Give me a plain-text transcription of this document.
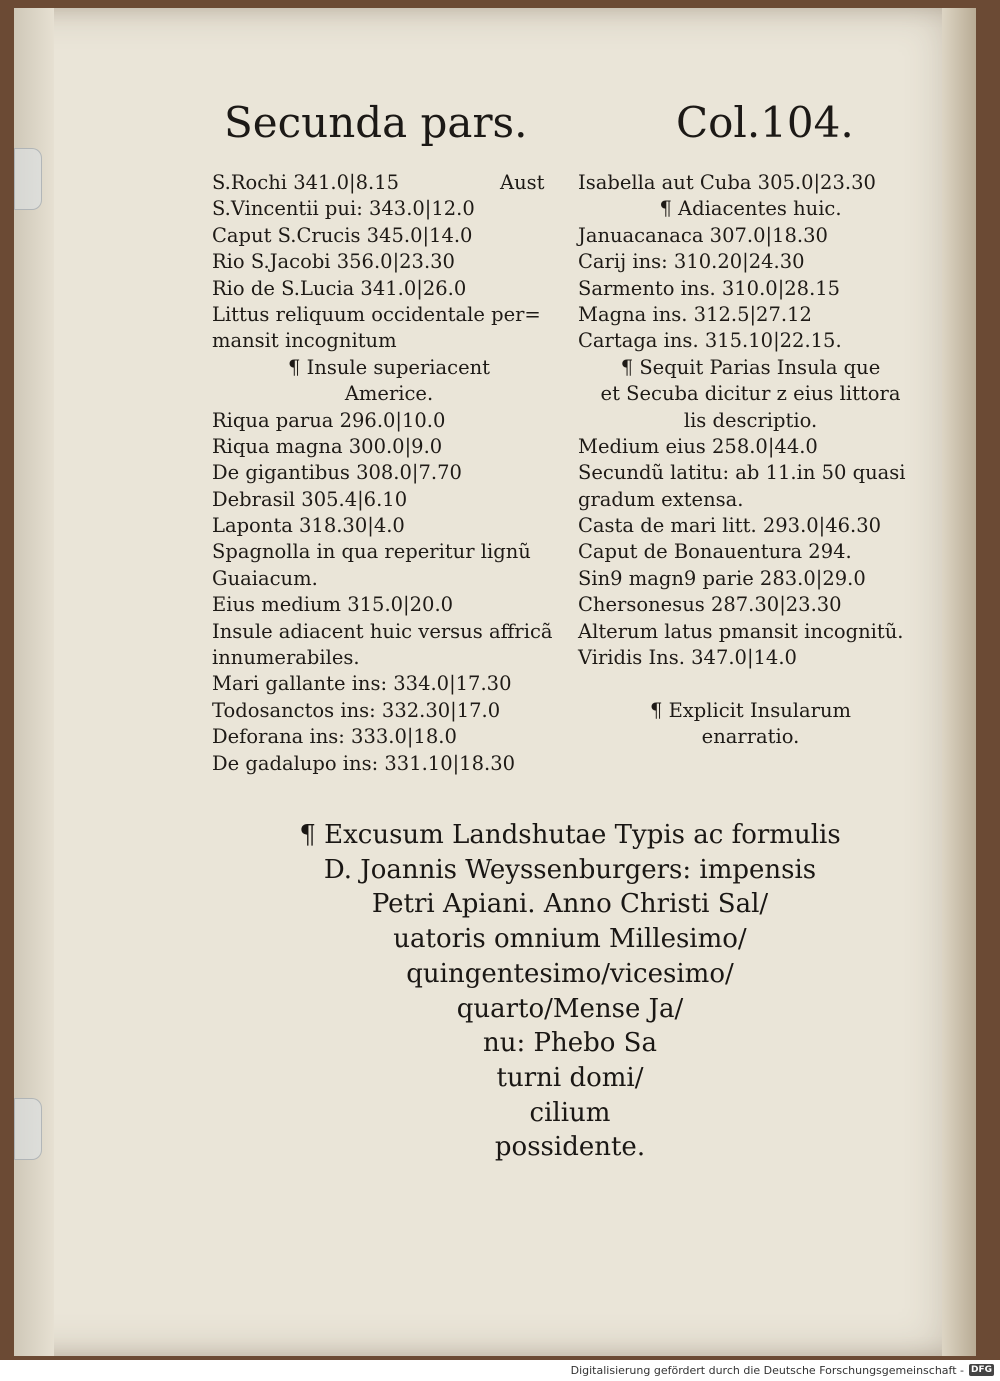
Secunda pars.	Col.104.
S.Rochi 341.0|8.15	Aust
S.Vincentii pui: 343.0|12.0
Caput S.Crucis 345.0|14.0
Rio S.Jacobi 356.0|23.30
Rio de S.Lucia 341.0|26.0
Littus reliquum occidentale per=
mansit incognitum
¶ Insule superiacent
Americe.
Riqua parua 296.0|10.0
Riqua magna 300.0|9.0
De gigantibus 308.0|7.70
Debrasil 305.4|6.10
Laponta 318.30|4.0
Spagnolla in qua reperitur lignũ
Guaiacum.
Eius medium 315.0|20.0
Insule adiacent huic versus affricã
innumerabiles.
Mari gallante ins: 334.0|17.30
Todosanctos ins: 332.30|17.0
Deforana ins: 333.0|18.0
De gadalupo ins: 331.10|18.30
Isabella aut Cuba 305.0|23.30
¶ Adiacentes huic.
Januacanaca 307.0|18.30
Carij ins: 310.20|24.30
Sarmento ins. 310.0|28.15
Magna ins. 312.5|27.12
Cartaga ins. 315.10|22.15.
¶ Sequit Parias Insula que
et Secuba dicitur z eius littora
lis descriptio.
Medium eius 258.0|44.0
Secundũ latitu: ab 11.in 50 quasi
gradum extensa.
Casta de mari litt. 293.0|46.30
Caput de Bonauentura 294.
Sin9 magn9 parie 283.0|29.0
Chersonesus 287.30|23.30
Alterum latus pmansit incognitũ.
Viridis Ins. 347.0|14.0
¶ Explicit Insularum
enarratio.
¶ Excusum Landshutae Typis ac formulis
D. Joannis Weyssenburgers: impensis
Petri Apiani. Anno Christi Sal/
uatoris omnium Millesimo/
quingentesimo/vicesimo/
quarto/Mense Ja/
nu: Phebo Sa
turni domi/
cilium
possidente.
Digitalisierung gefördert durch die Deutsche Forschungsgemeinschaft - DFG
